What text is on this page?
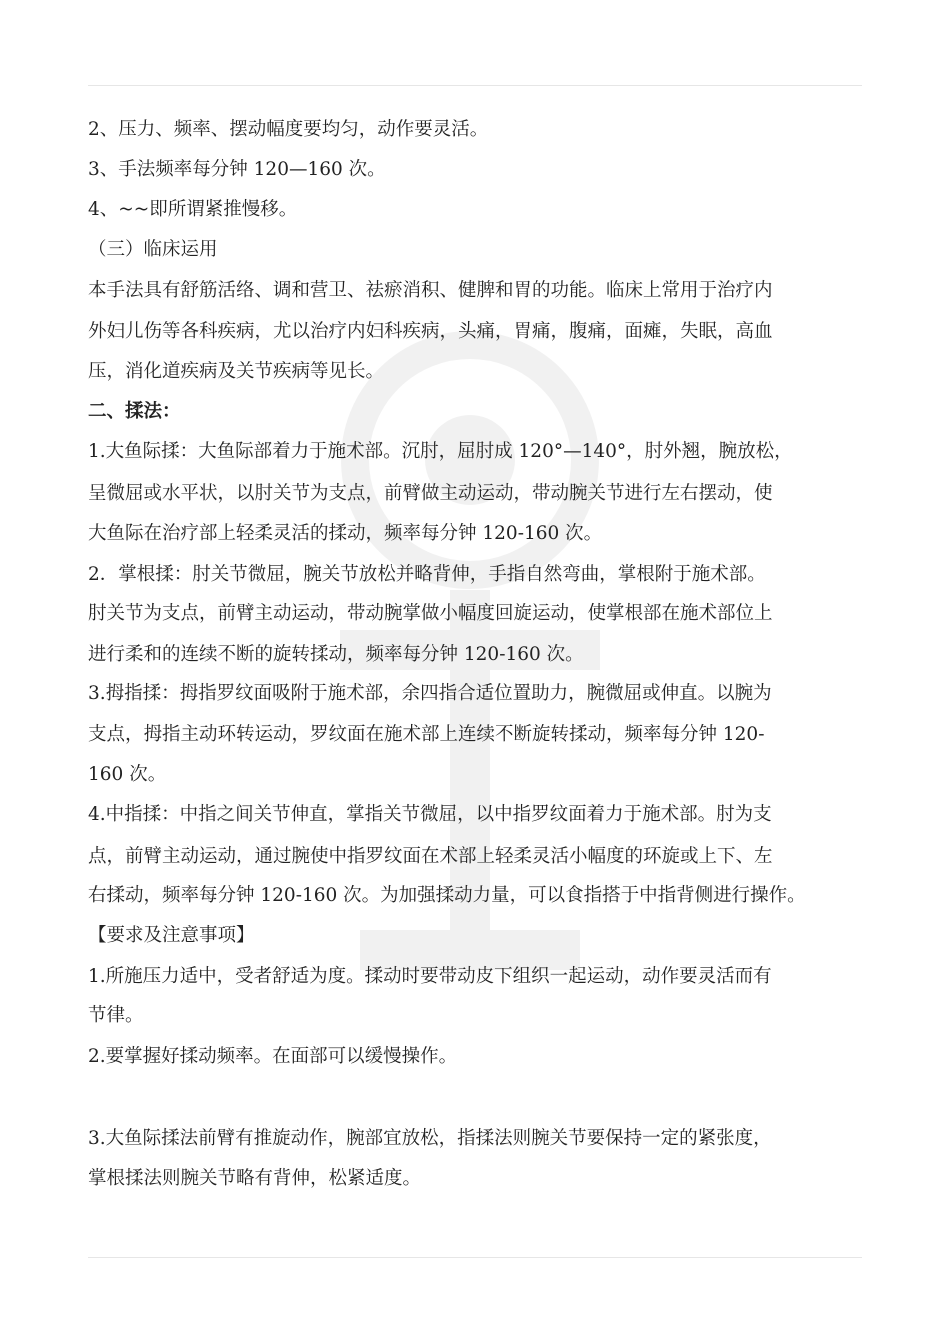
2、压力、频率、摆动幅度要均匀，动作要灵活。
3、手法频率每分钟 120—160 次。
4、~~即所谓紧推慢移。
（三）临床运用
本手法具有舒筋活络、调和营卫、祛瘀消积、健脾和胃的功能。临床上常用于治疗内
外妇儿伤等各科疾病，尤以治疗内妇科疾病，头痛，胃痛，腹痛，面瘫，失眠，高血
压，消化道疾病及关节疾病等见长。
二、揉法：
1.大鱼际揉：大鱼际部着力于施术部。沉肘，屈肘成 120°—140°，肘外翘，腕放松，
呈微屈或水平状，以肘关节为支点，前臂做主动运动，带动腕关节进行左右摆动，使
大鱼际在治疗部上轻柔灵活的揉动，频率每分钟 120-160 次。
2．掌根揉：肘关节微屈，腕关节放松并略背伸，手指自然弯曲，掌根附于施术部。
肘关节为支点，前臂主动运动，带动腕掌做小幅度回旋运动，使掌根部在施术部位上
进行柔和的连续不断的旋转揉动，频率每分钟 120-160 次。
3.拇指揉：拇指罗纹面吸附于施术部，余四指合适位置助力，腕微屈或伸直。以腕为
支点，拇指主动环转运动，罗纹面在施术部上连续不断旋转揉动，频率每分钟 120-
160 次。
4.中指揉：中指之间关节伸直，掌指关节微屈，以中指罗纹面着力于施术部。肘为支
点，前臂主动运动，通过腕使中指罗纹面在术部上轻柔灵活小幅度的环旋或上下、左
右揉动，频率每分钟 120-160 次。为加强揉动力量，可以食指搭于中指背侧进行操作。
【要求及注意事项】
1.所施压力适中，受者舒适为度。揉动时要带动皮下组织一起运动，动作要灵活而有
节律。
2.要掌握好揉动频率。在面部可以缓慢操作。
3.大鱼际揉法前臂有推旋动作，腕部宜放松，指揉法则腕关节要保持一定的紧张度，
掌根揉法则腕关节略有背伸，松紧适度。
